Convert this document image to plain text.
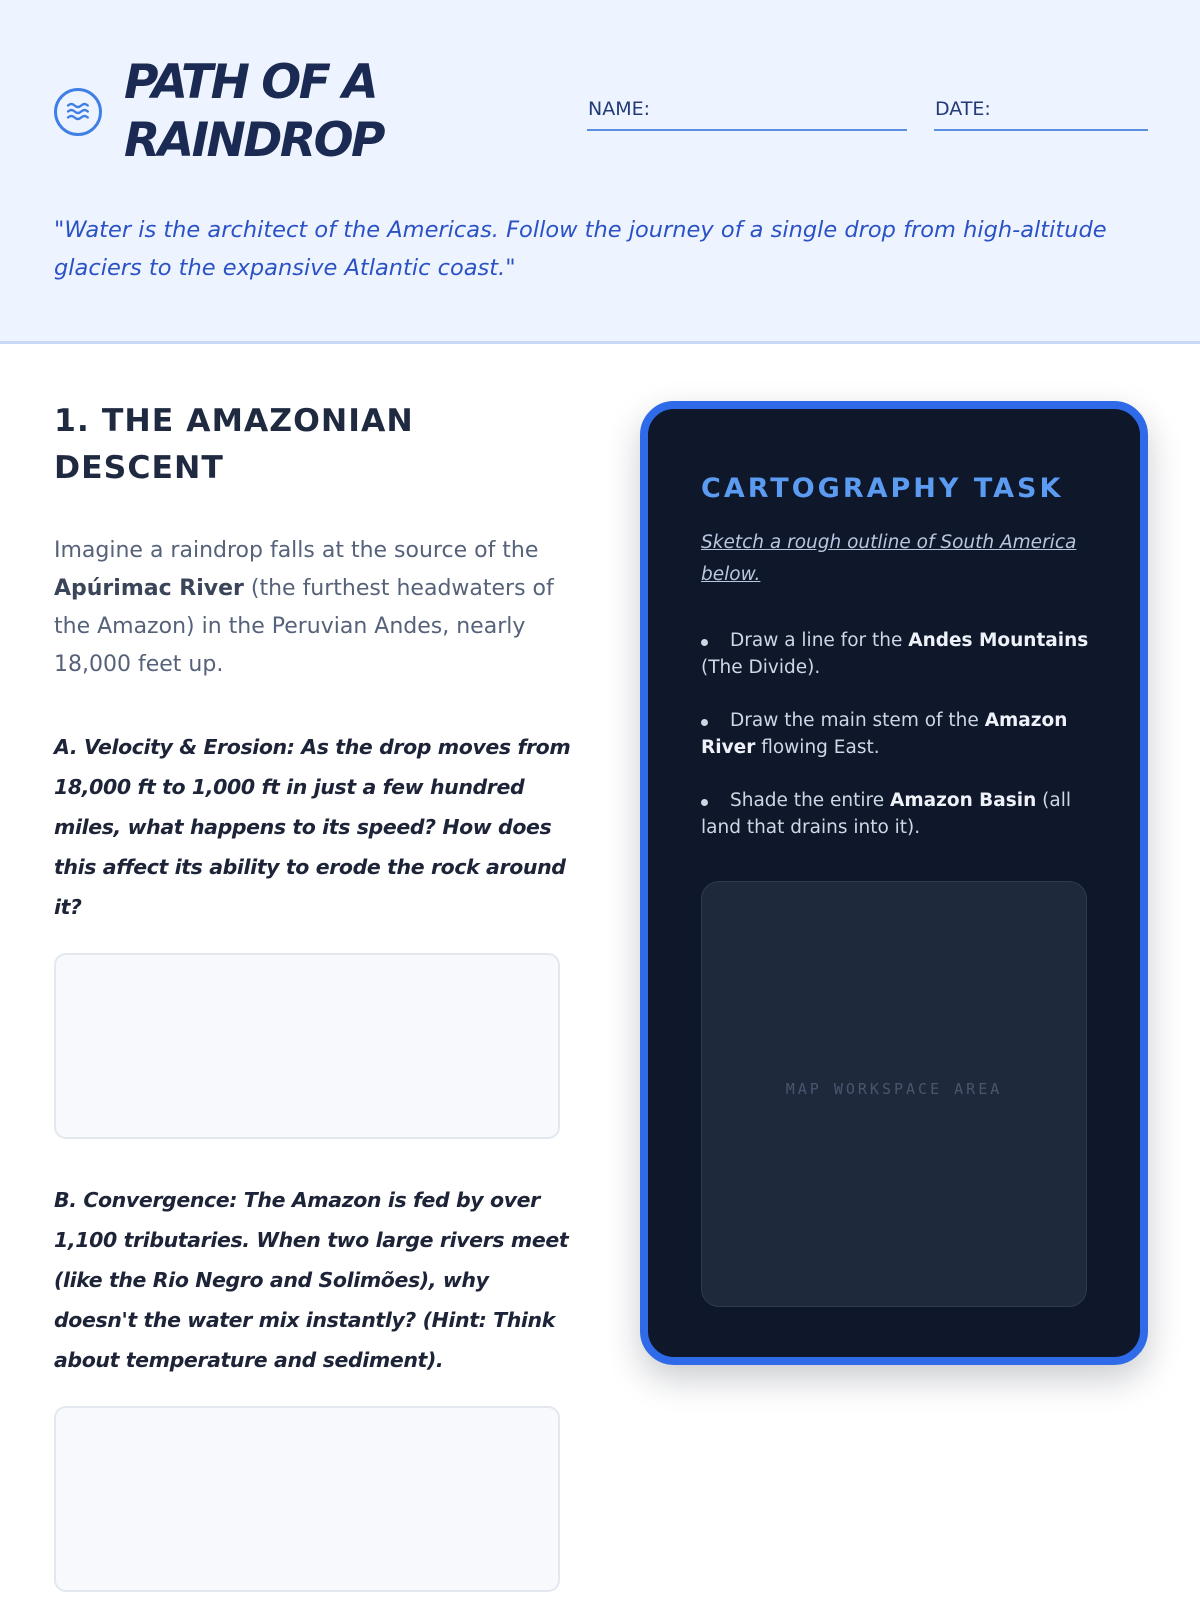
PATH OF A RAINDROP
NAME:	DATE:

"Water is the architect of the Americas. Follow the journey of a single drop from high-altitude glaciers to the expansive Atlantic coast."

1. THE AMAZONIAN DESCENT

Imagine a raindrop falls at the source of the Apúrimac River (the furthest headwaters of the Amazon) in the Peruvian Andes, nearly 18,000 feet up.

A. Velocity & Erosion: As the drop moves from 18,000 ft to 1,000 ft in just a few hundred miles, what happens to its speed? How does this affect its ability to erode the rock around it?

B. Convergence: The Amazon is fed by over 1,100 tributaries. When two large rivers meet (like the Rio Negro and Solimões), why doesn't the water mix instantly? (Hint: Think about temperature and sediment).

CARTOGRAPHY TASK

Sketch a rough outline of South America below.

Draw a line for the Andes Mountains (The Divide).
Draw the main stem of the Amazon River flowing East.
Shade the entire Amazon Basin (all land that drains into it).
MAP WORKSPACE AREA
